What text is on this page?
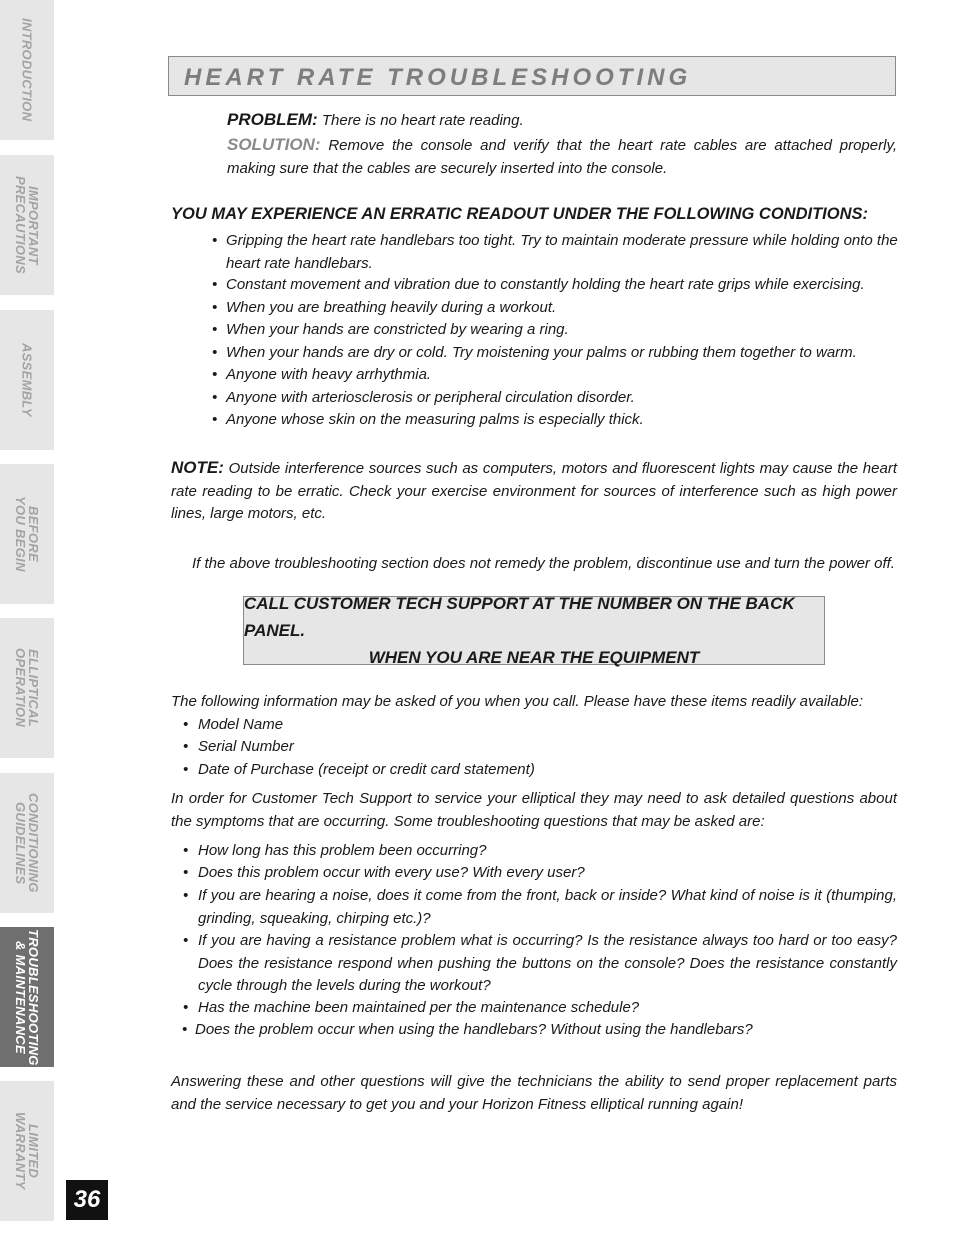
INTRODUCTION
IMPORTANT
PRECAUTIONS
ASSEMBLY
BEFORE
YOU BEGIN
ELLIPTICAL
OPERATION
CONDITIONING
GUIDELINES
TROUBLESHOOTING
& MAINTENANCE
LIMITED
WARRANTY
36
HEART RATE TROUBLESHOOTING
PROBLEM: There is no heart rate reading.
SOLUTION: Remove the console and verify that the heart rate cables are attached properly, making sure that the cables are securely inserted into the console.
YOU MAY EXPERIENCE AN ERRATIC READOUT UNDER THE FOLLOWING CONDITIONS:
• Gripping the heart rate handlebars too tight. Try to maintain moderate pressure while holding onto the heart rate handlebars.
• Constant movement and vibration due to constantly holding the heart rate grips while exercising.
• When you are breathing heavily during a workout.
• When your hands are constricted by wearing a ring.
• When your hands are dry or cold. Try moistening your palms or rubbing them together to warm.
• Anyone with heavy arrhythmia.
• Anyone with arteriosclerosis or peripheral circulation disorder.
• Anyone whose skin on the measuring palms is especially thick.
NOTE: Outside interference sources such as computers, motors and fluorescent lights may cause the heart rate reading to be erratic. Check your exercise environment for sources of interference such as high power lines, large motors, etc.
If the above troubleshooting section does not remedy the problem, discontinue use and turn the power off.
CALL CUSTOMER TECH SUPPORT AT THE NUMBER ON THE BACK PANEL.
WHEN YOU ARE NEAR THE EQUIPMENT
The following information may be asked of you when you call. Please have these items readily available:
• Model Name
• Serial Number
• Date of Purchase (receipt or credit card statement)
In order for Customer Tech Support to service your elliptical they may need to ask detailed questions about the symptoms that are occurring. Some troubleshooting questions that may be asked are:
• How long has this problem been occurring?
• Does this problem occur with every use? With every user?
• If you are hearing a noise, does it come from the front, back or inside? What kind of noise is it (thumping, grinding, squeaking, chirping etc.)?
• If you are having a resistance problem what is occurring? Is the resistance always too hard or too easy? Does the resistance respond when pushing the buttons on the console? Does the resistance constantly cycle through the levels during the workout?
• Has the machine been maintained per the maintenance schedule?
• Does the problem occur when using the handlebars? Without using the handlebars?
Answering these and other questions will give the technicians the ability to send proper replacement parts and the service necessary to get you and your Horizon Fitness elliptical running again!
